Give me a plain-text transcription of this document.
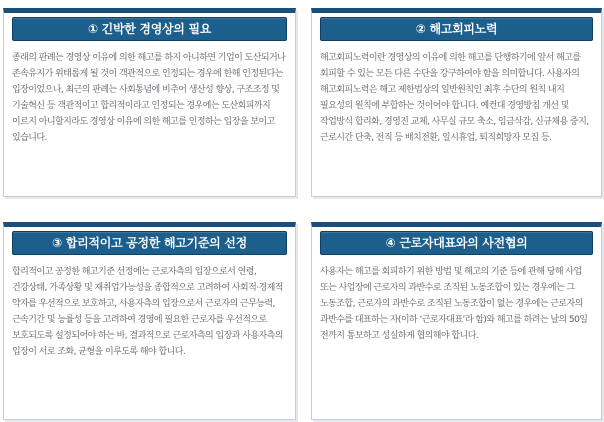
① 긴박한 경영상의 필요

종래의 판례는 경영상 이유에 의한 해고를 하지 아니하면 기업이 도산되거나 존속유지가 위태롭게 될 것이 객관적으로 인정되는 경우에 한해 인정된다는 입장이었으나, 최근의 판례는 사회통념에 비추어 생산성 향상, 구조조정 및 기술혁신 등 객관적이고 합리적이라고 인정되는 경우에는 도산회피까지 이르지 아니할지라도 경영상 이유에 의한 해고를 인정하는 입장을 보이고 있습니다.

② 해고회피노력

해고회피노력이란 경영상의 이유에 의한 해고를 단행하기에 앞서 해고를 회피할 수 있는 모든 다른 수단을 강구하여야 함을 의미합니다. 사용자의 해고회피노력은 해고 제한법상의 일반원칙인 최후 수단의 원칙 내지 필요성의 원칙에 부합하는 것이어야 합니다. 예컨대 경영방침 개선 및 작업방식 합리화, 경영진 교체, 사무실 규모 축소, 임금삭감, 신규채용 중지, 근로시간 단축, 전직 등 배치전환, 일시휴업, 퇴직희망자 모집 등.

③ 합리적이고 공정한 해고기준의 선정

합리적이고 공정한 해고기준 선정에는 근로자측의 입장으로서 연령, 건강상태, 가족상황 및 재취업가능성을 종합적으로 고려하여 사회적·경제적 약자를 우선적으로 보호하고, 사용자측의 입장으로서 근로자의 근무능력, 근속기간 및 능률성 등을 고려하여 경영에 필요한 근로자를 우선적으로 보호되도록 설정되어야 하는 바, 결과적으로 근로자측의 입장과 사용자측의 입장이 서로 조화, 균형을 이루도록 해야 합니다.

④ 근로자대표와의 사전협의

사용자는 해고를 회피하기 위한 방법 및 해고의 기준 등에 관해 당해 사업 또는 사업장에 근로자의 과반수로 조직된 노동조합이 있는 경우에는 그 노동조합, 근로자의 과반수로 조직된 노동조합이 없는 경우에는 근로자의 과반수를 대표하는 자(이하 ‘근로자대표’라 함)와 해고를 하려는 날의 50일 전까지 통보하고 성실하게 협의해야 합니다.
